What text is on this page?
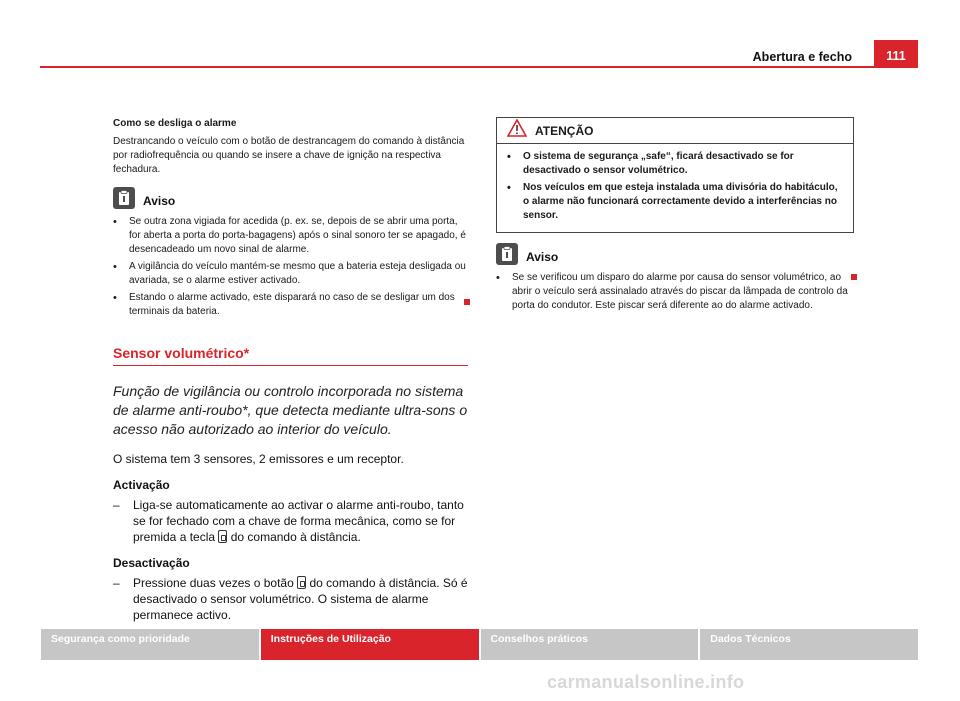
Abertura e fecho	111
Como se desliga o alarme
Destrancando o veículo com o botão de destrancagem do comando à distância por radiofrequência ou quando se insere a chave de ignição na respectiva fechadura.
Aviso
•	Se outra zona vigiada for acedida (p. ex. se, depois de se abrir uma porta, for aberta a porta do porta-bagagens) após o sinal sonoro ter se apagado, é desencadeado um novo sinal de alarme.
•	A vigilância do veículo mantém-se mesmo que a bateria esteja desligada ou avariada, se o alarme estiver activado.
•	Estando o alarme activado, este disparará no caso de se desligar um dos terminais da bateria.
Sensor volumétrico*
Função de vigilância ou controlo incorporada no sistema de alarme anti-roubo*, que detecta mediante ultra-sons o acesso não autorizado ao interior do veículo.
O sistema tem 3 sensores, 2 emissores e um receptor.
Activação
– Liga-se automaticamente ao activar o alarme anti-roubo, tanto se for fechado com a chave de forma mecânica, como se for premida a tecla do comando à distância.
Desactivação
– Pressione duas vezes o botão do comando à distância. Só é desactivado o sensor volumétrico. O sistema de alarme permanece activo.
ATENÇÃO
•	O sistema de segurança „safe“, ficará desactivado se for desactivado o sensor volumétrico.
•	Nos veículos em que esteja instalada uma divisória do habitáculo, o alarme não funcionará correctamente devido a interferências no sensor.
Aviso
•	Se se verificou um disparo do alarme por causa do sensor volumétrico, ao abrir o veículo será assinalado através do piscar da lâmpada de controlo da porta do condutor. Este piscar será diferente ao do alarme activado.
Segurança como prioridade	Instruções de Utilização	Conselhos práticos	Dados Técnicos
carmanualsonline.info
